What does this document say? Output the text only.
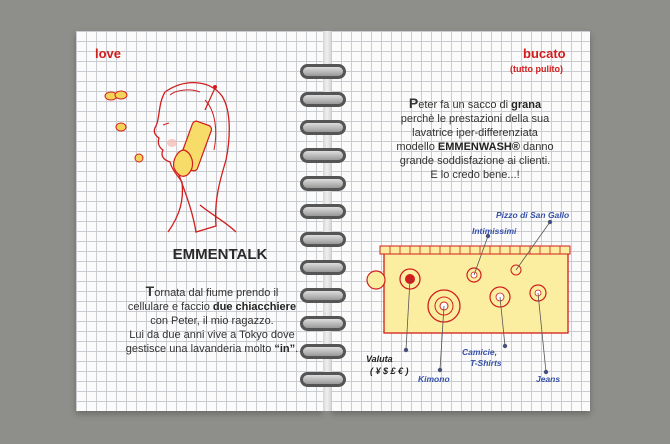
love
EMMENTALK
Tornata dal fiume prendo il
cellulare e faccio due chiacchiere
con Peter, il mio ragazzo.
Lui da due anni vive a Tokyo dove
gestisce una lavanderia molto “in”.
bucato
(tutto pulito)
Peter fa un sacco di grana
perchè le prestazioni della sua
lavatrice iper-differenziata
modello EMMENWASH® danno
grande soddisfazione ai clienti.
E lo credo bene...!
Pizzo di San Gallo
Intimissimi
Valuta
( ¥ $ £ € )
Camicie,
T-Shirts
Kimono	Jeans
